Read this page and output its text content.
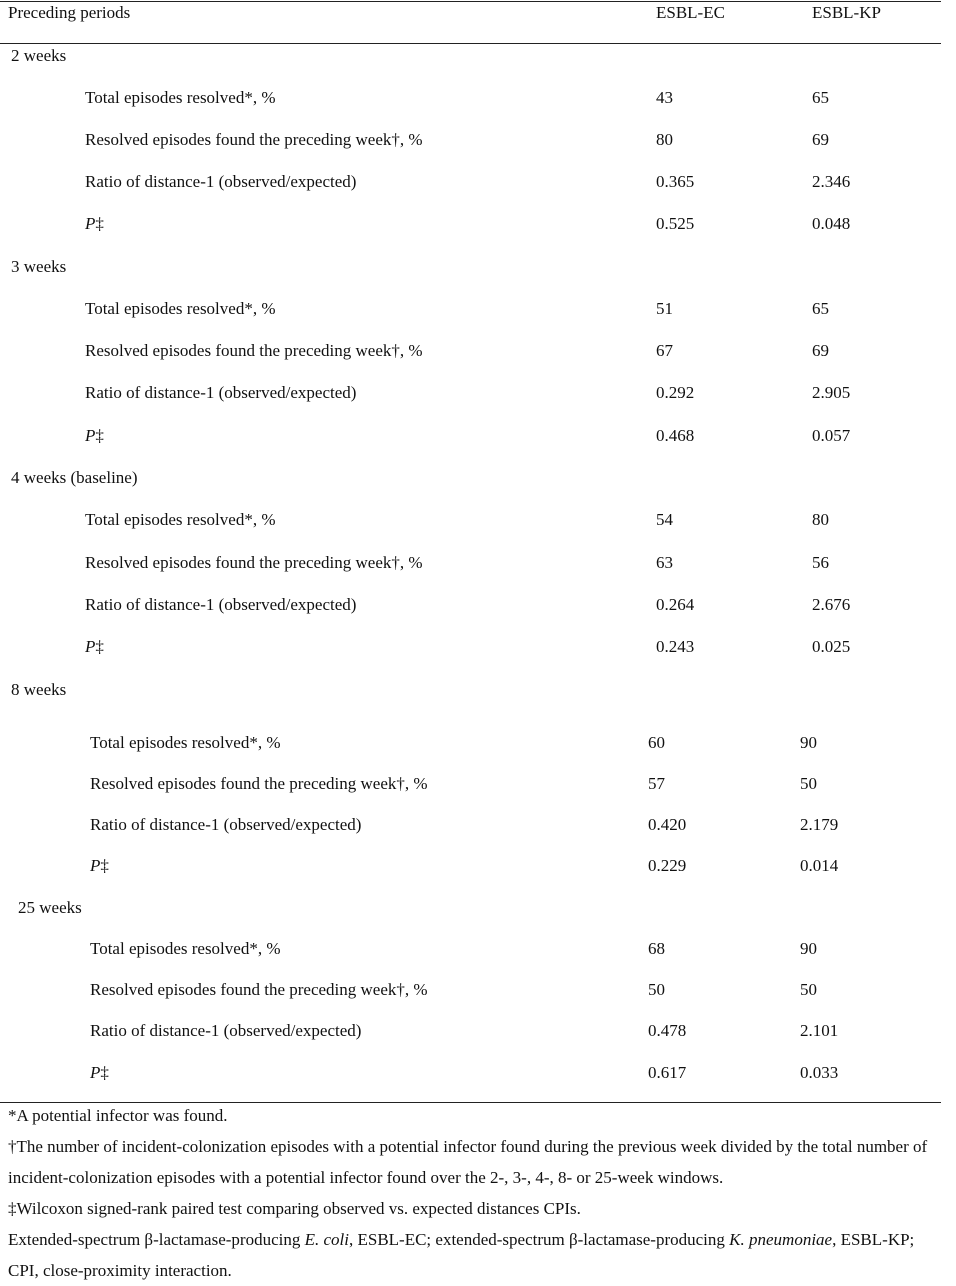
Preceding periods	ESBL-EC	ESBL-KP
2 weeks
Total episodes resolved*, %	43	65
Resolved episodes found the preceding week†, %	80	69
Ratio of distance-1 (observed/expected)	0.365	2.346
P‡	0.525	0.048
3 weeks
Total episodes resolved*, %	51	65
Resolved episodes found the preceding week†, %	67	69
Ratio of distance-1 (observed/expected)	0.292	2.905
P‡	0.468	0.057
4 weeks (baseline)
Total episodes resolved*, %	54	80
Resolved episodes found the preceding week†, %	63	56
Ratio of distance-1 (observed/expected)	0.264	2.676
P‡	0.243	0.025
8 weeks
Total episodes resolved*, %	60	90
Resolved episodes found the preceding week†, %	57	50
Ratio of distance-1 (observed/expected)	0.420	2.179
P‡	0.229	0.014
25 weeks
Total episodes resolved*, %	68	90
Resolved episodes found the preceding week†, %	50	50
Ratio of distance-1 (observed/expected)	0.478	2.101
P‡	0.617	0.033
*A potential infector was found.
†The number of incident-colonization episodes with a potential infector found during the previous week divided by the total number of incident-colonization episodes with a potential infector found over the 2-, 3-, 4-, 8- or 25-week windows.
‡Wilcoxon signed-rank paired test comparing observed vs. expected distances CPIs.
Extended-spectrum β-lactamase-producing E. coli, ESBL-EC; extended-spectrum β-lactamase-producing K. pneumoniae, ESBL-KP; CPI, close-proximity interaction.
